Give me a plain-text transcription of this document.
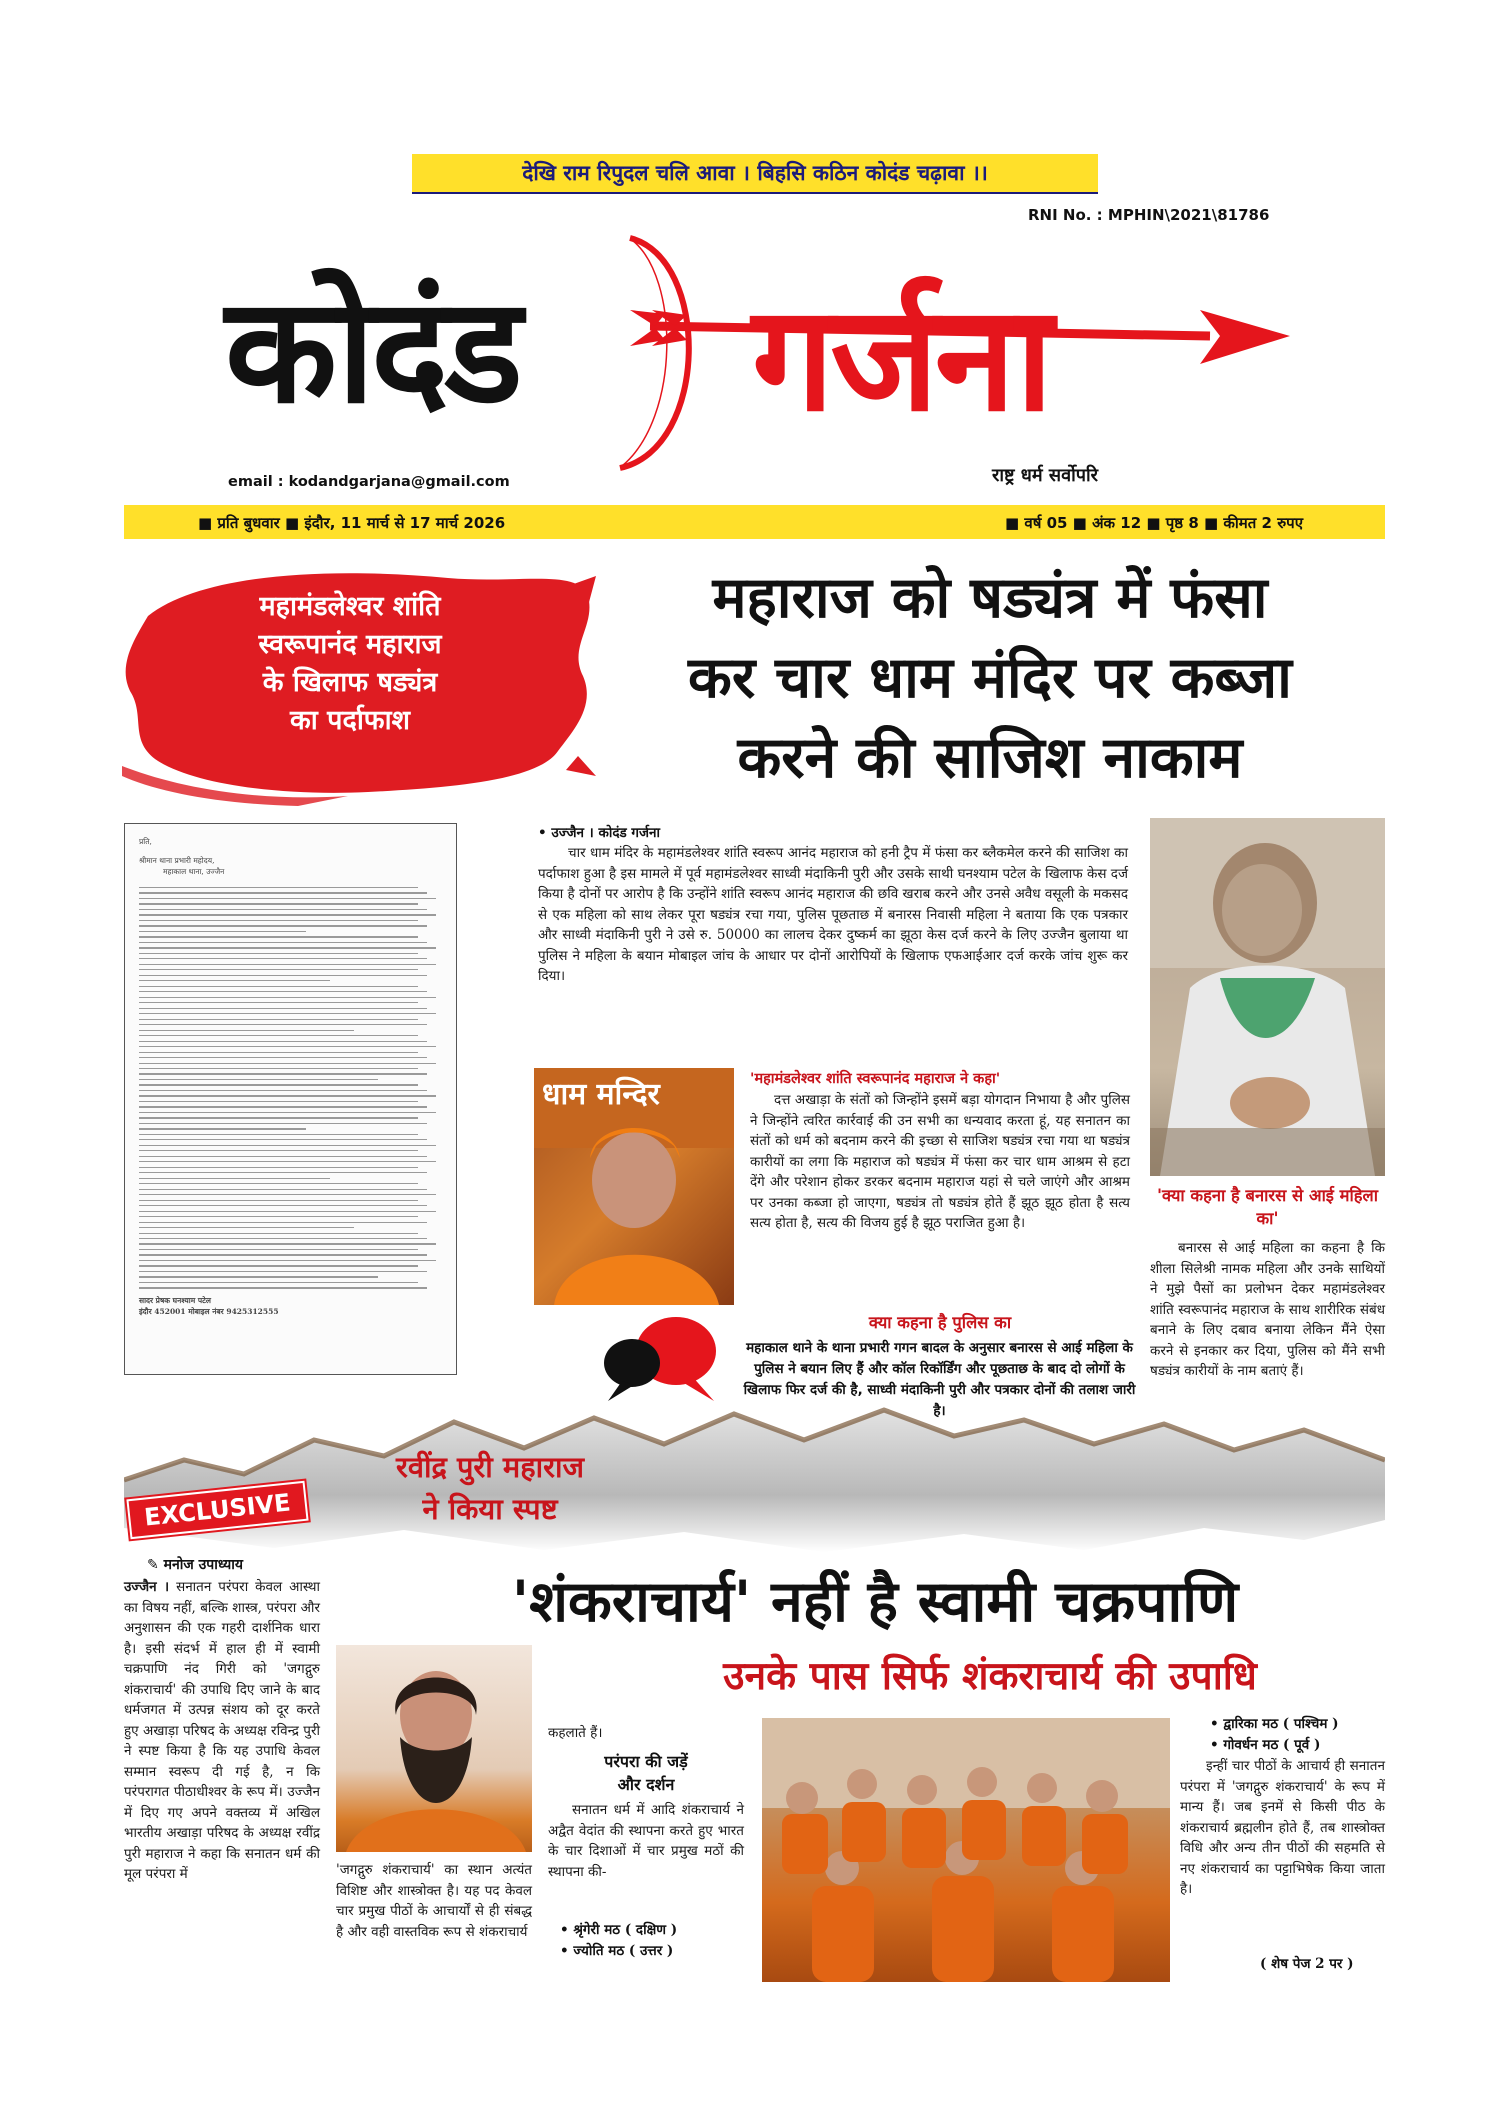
देखि राम रिपुदल चलि आवा । बिहसि कठिन कोदंड चढ़ावा ।।
RNI No. : MPHIN\2021\81786
कोदंड गर्जना
राष्ट्र धर्म सर्वोपरि
email : kodandgarjana@gmail.com
■ प्रति बुधवार ■ इंदौर, 11 मार्च से 17 मार्च 2026	■ वर्ष 05 ■ अंक 12 ■ पृष्ठ 8 ■ कीमत 2 रुपए
महामंडलेश्वर शांति
स्वरूपानंद महाराज
के खिलाफ षड्यंत्र
का पर्दाफाश
महाराज को षड्यंत्र में फंसा
कर चार धाम मंदिर पर कब्जा
करने की साजिश नाकाम
प्रति,
श्रीमान थाना प्रभारी महोदय,
महाकाल थाना, उज्जैन
सादर प्रेषक घनश्याम पटेल
इंदौर 452001 मोबाइल नंबर 9425312555
• उज्जैन । कोदंड गर्जना
चार धाम मंदिर के महामंडलेश्वर शांति स्वरूप आनंद महाराज को हनी ट्रैप में फंसा कर ब्लैकमेल करने की साजिश का पर्दाफाश हुआ है इस मामले में पूर्व महामंडलेश्वर साध्वी मंदाकिनी पुरी और उसके साथी घनश्याम पटेल के खिलाफ केस दर्ज किया है दोनों पर आरोप है कि उन्होंने शांति स्वरूप आनंद महाराज की छवि खराब करने और उनसे अवैध वसूली के मकसद से एक महिला को साथ लेकर पूरा षड्यंत्र रचा गया, पुलिस पूछताछ में बनारस निवासी महिला ने बताया कि एक पत्रकार और साध्वी मंदाकिनी पुरी ने उसे रु. 50000 का लालच देकर दुष्कर्म का झूठा केस दर्ज करने के लिए उज्जैन बुलाया था पुलिस ने महिला के बयान मोबाइल जांच के आधार पर दोनों आरोपियों के खिलाफ एफआईआर दर्ज करके जांच शुरू कर दिया।
'क्या कहना है बनारस से आई महिला का'
बनारस से आई महिला का कहना है कि शीला सिलेश्री नामक महिला और उनके साथियों ने मुझे पैसों का प्रलोभन देकर महामंडलेश्वर शांति स्वरूपानंद महाराज के साथ शारीरिक संबंध बनाने के लिए दबाव बनाया लेकिन मैंने ऐसा करने से इनकार कर दिया, पुलिस को मैंने सभी षड्यंत्र कारीयों के नाम बताएं हैं।
धाम मन्दिर	'महामंडलेश्वर शांति स्वरूपानंद महाराज ने कहा'
दत्त अखाड़ा के संतों को जिन्होंने इसमें बड़ा योगदान निभाया है और पुलिस ने जिन्होंने त्वरित कार्रवाई की उन सभी का धन्यवाद करता हूं, यह सनातन का संतों को धर्म को बदनाम करने की इच्छा से साजिश षड्यंत्र रचा गया था षड्यंत्र कारीयों का लगा कि महाराज को षड्यंत्र में फंसा कर चार धाम आश्रम से हटा देंगे और परेशान होकर डरकर बदनाम महाराज यहां से चले जाएंगे और आश्रम पर उनका कब्जा हो जाएगा, षड्यंत्र तो षड्यंत्र होते हैं झूठ झूठ होता है सत्य सत्य होता है, सत्य की विजय हुई है झूठ पराजित हुआ है।
क्या कहना है पुलिस का
महाकाल थाने के थाना प्रभारी गगन बादल के अनुसार बनारस से आई महिला के पुलिस ने बयान लिए हैं और कॉल रिकॉर्डिंग और पूछताछ के बाद दो लोगों के खिलाफ फिर दर्ज की है, साध्वी मंदाकिनी पुरी और पत्रकार दोनों की तलाश जारी है।
EXCLUSIVE
रवींद्र पुरी महाराज
ने किया स्पष्ट
'शंकराचार्य' नहीं है स्वामी चक्रपाणि
उनके पास सिर्फ शंकराचार्य की उपाधि
✎ मनोज उपाध्याय
उज्जैन । सनातन परंपरा केवल आस्था का विषय नहीं, बल्कि शास्त्र, परंपरा और अनुशासन की एक गहरी दार्शनिक धारा है। इसी संदर्भ में हाल ही में स्वामी चक्रपाणि नंद गिरी को 'जगद्गुरु शंकराचार्य' की उपाधि दिए जाने के बाद धर्मजगत में उत्पन्न संशय को दूर करते हुए अखाड़ा परिषद के अध्यक्ष रविन्द्र पुरी ने स्पष्ट किया है कि यह उपाधि केवल सम्मान स्वरूप दी गई है, न कि परंपरागत पीठाधीश्वर के रूप में। उज्जैन में दिए गए अपने वक्तव्य में अखिल भारतीय अखाड़ा परिषद के अध्यक्ष रवींद्र पुरी महाराज ने कहा कि सनातन धर्म की मूल परंपरा में	'जगद्गुरु शंकराचार्य' का स्थान अत्यंत विशिष्ट और शास्त्रोक्त है। यह पद केवल चार प्रमुख पीठों के आचार्यों से ही संबद्ध है और वही वास्तविक रूप से शंकराचार्य
कहलाते हैं।
परंपरा की जड़ें
और दर्शन
सनातन धर्म में आदि शंकराचार्य ने अद्वैत वेदांत की स्थापना करते हुए भारत के चार दिशाओं में चार प्रमुख मठों की स्थापना की-
• श्रृंगेरी मठ ( दक्षिण )
• ज्योति मठ ( उत्तर )
• द्वारिका मठ ( पश्चिम )
• गोवर्धन मठ ( पूर्व )
इन्हीं चार पीठों के आचार्य ही सनातन परंपरा में 'जगद्गुरु शंकराचार्य' के रूप में मान्य हैं। जब इनमें से किसी पीठ के शंकराचार्य ब्रह्मलीन होते हैं, तब शास्त्रोक्त विधि और अन्य तीन पीठों की सहमति से नए शंकराचार्य का पट्टाभिषेक किया जाता है।
( शेष पेज 2 पर )
